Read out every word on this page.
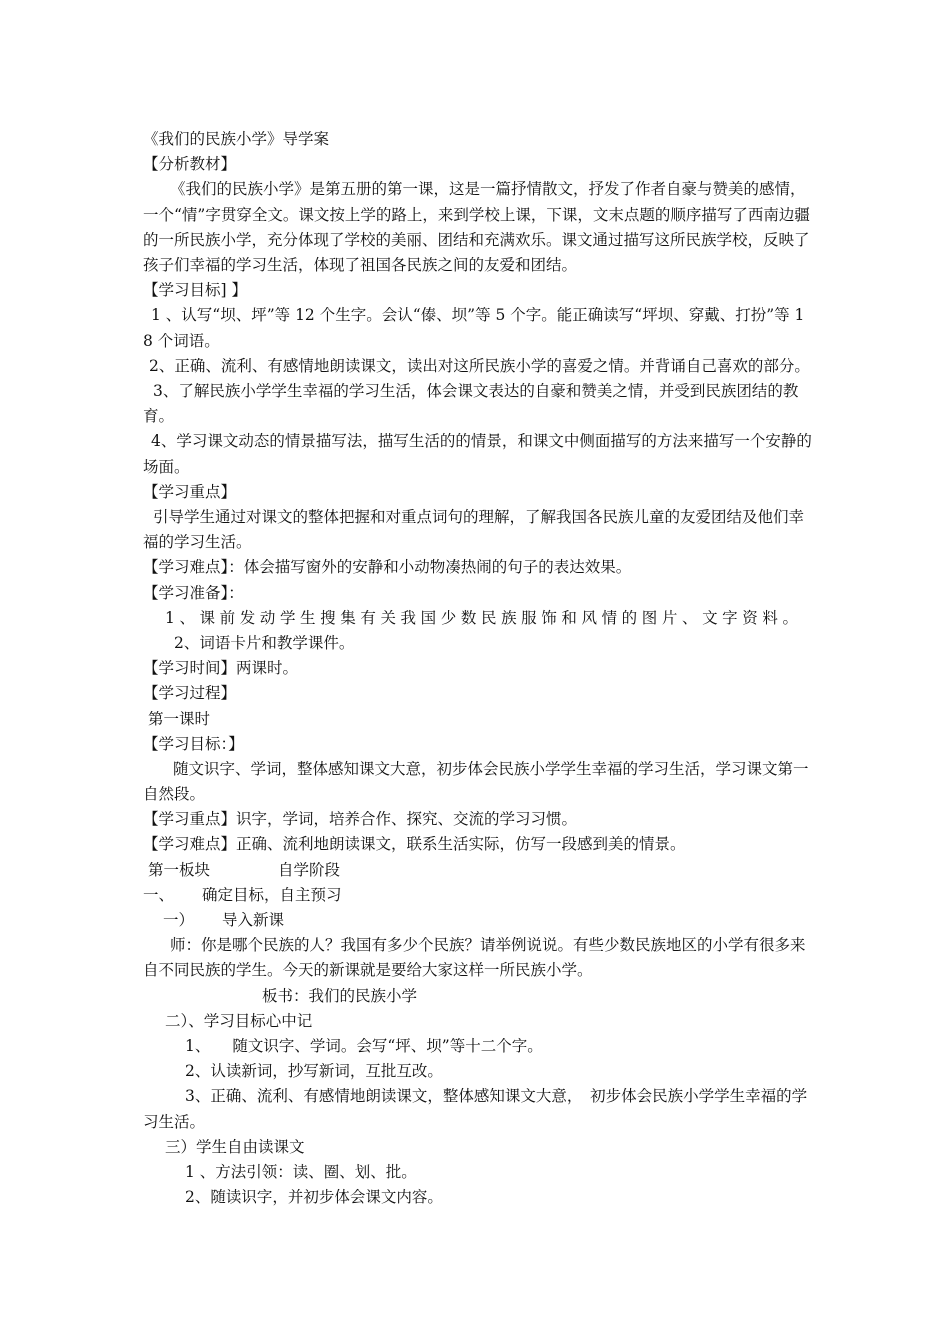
《我们的民族小学》导学案
【分析教材】
《我们的民族小学》是第五册的第一课，这是一篇抒情散文，抒发了作者自豪与赞美的感情，一个“情”字贯穿全文。课文按上学的路上，来到学校上课，下课，文末点题的顺序描写了西南边疆的一所民族小学，充分体现了学校的美丽、团结和充满欢乐。课文通过描写这所民族学校，反映了孩子们幸福的学习生活，体现了祖国各民族之间的友爱和团结。
【学习目标] 】
1 、认写“坝、坪”等 12 个生字。会认“傣、坝”等 5 个字。能正确读写“坪坝、穿戴、打扮”等 1 8 个词语。
2、正确、流利、有感情地朗读课文，读出对这所民族小学的喜爱之情。并背诵自己喜欢的部分。
3、了解民族小学学生幸福的学习生活，体会课文表达的自豪和赞美之情，并受到民族团结的教育。
4、学习课文动态的情景描写法，描写生活的的情景，和课文中侧面描写的方法来描写一个安静的场面。
【学习重点】
引导学生通过对课文的整体把握和对重点词句的理解，了解我国各民族儿童的友爱团结及他们幸福的学习生活。
【学习难点】：体会描写窗外的安静和小动物凑热闹的句子的表达效果。
【学习准备】：
1、课前发动学生搜集有关我国少数民族服饰和风情的图片、文字资料。
2、词语卡片和教学课件。
【学习时间】两课时。
【学习过程】
第一课时
【学习目标：】
随文识字、学词，整体感知课文大意，初步体会民族小学学生幸福的学习生活，学习课文第一自然段。
【学习重点】识字，学词，培养合作、探究、交流的学习习惯。
【学习难点】正确、流利地朗读课文，联系生活实际，仿写一段感到美的情景。
第一板块	自学阶段
一、 确定目标，自主预习
一） 导入新课
师：你是哪个民族的人？我国有多少个民族？请举例说说。有些少数民族地区的小学有很多来自不同民族的学生。今天的新课就是要给大家这样一所民族小学。
板书：我们的民族小学
二）、学习目标心中记
1、 随文识字、学词。会写“坪、坝”等十二个字。
2、认读新词，抄写新词，互批互改。
3、正确、流利、有感情地朗读课文，整体感知课文大意，　初步体会民族小学学生幸福的学习生活。
三）学生自由读课文
1 、方法引领：读、圈、划、批。
2、随读识字，并初步体会课文内容。
